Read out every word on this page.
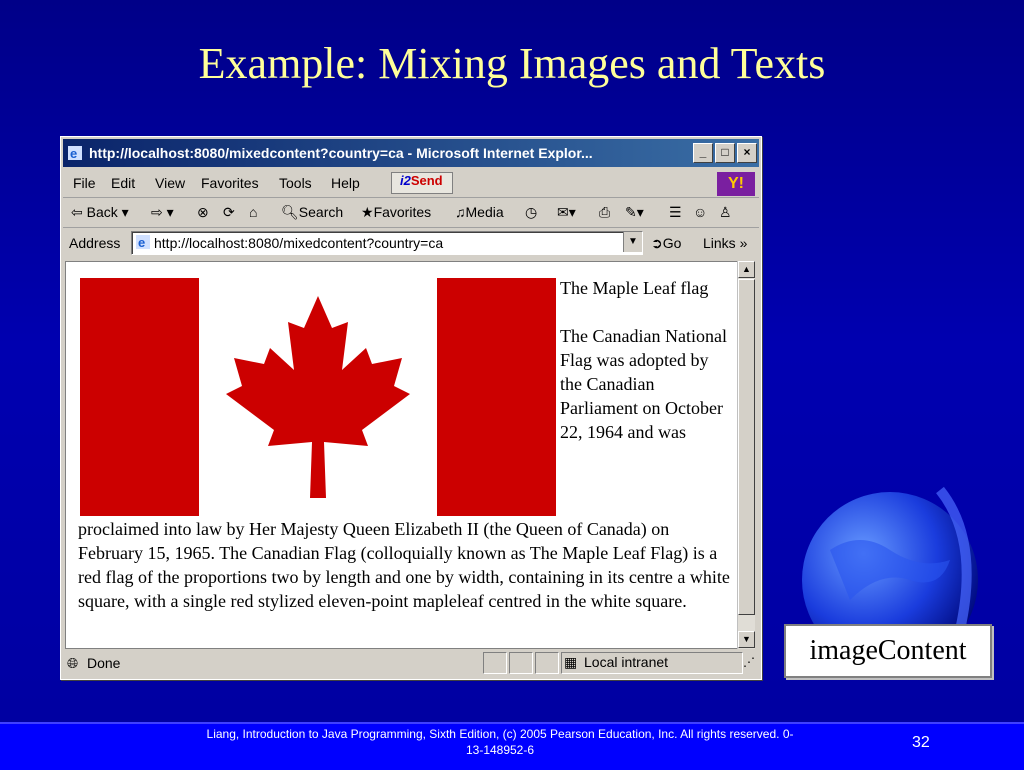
Example: Mixing Images and Texts
e http://localhost:8080/mixedcontent?country=ca - Microsoft Internet Explor...	_	□	×
File Edit View Favorites Tools Help	i2Send	Y!
⇦ Back ▾ ⇨ ▾ ⊗ ⟳ ⌂ 🔍︎Search ★Favorites ♫Media ◷ ✉▾ ⎙ ✎▾ ☰ ☺ ♙
Address e http://localhost:8080/mixedcontent?country=ca	▼ ➲Go Links »

The Maple Leaf flag

The Canadian National Flag was adopted by the Canadian Parliament on October 22, 1964 and was

proclaimed into law by Her Majesty Queen Elizabeth II (the Queen of Canada) on February 15, 1965. The Canadian Flag (colloquially known as The Maple Leaf Flag) is a red flag of the proportions two by length and one by width, containing in its centre a white square, with a single red stylized eleven-point mapleleaf centred in the white square.
▲
▼
🌐︎ Done	▦ Local intranet	⋰	imageContent
Liang, Introduction to Java Programming, Sixth Edition, (c) 2005 Pearson Education, Inc. All rights reserved. 0-13-148952-6	32
